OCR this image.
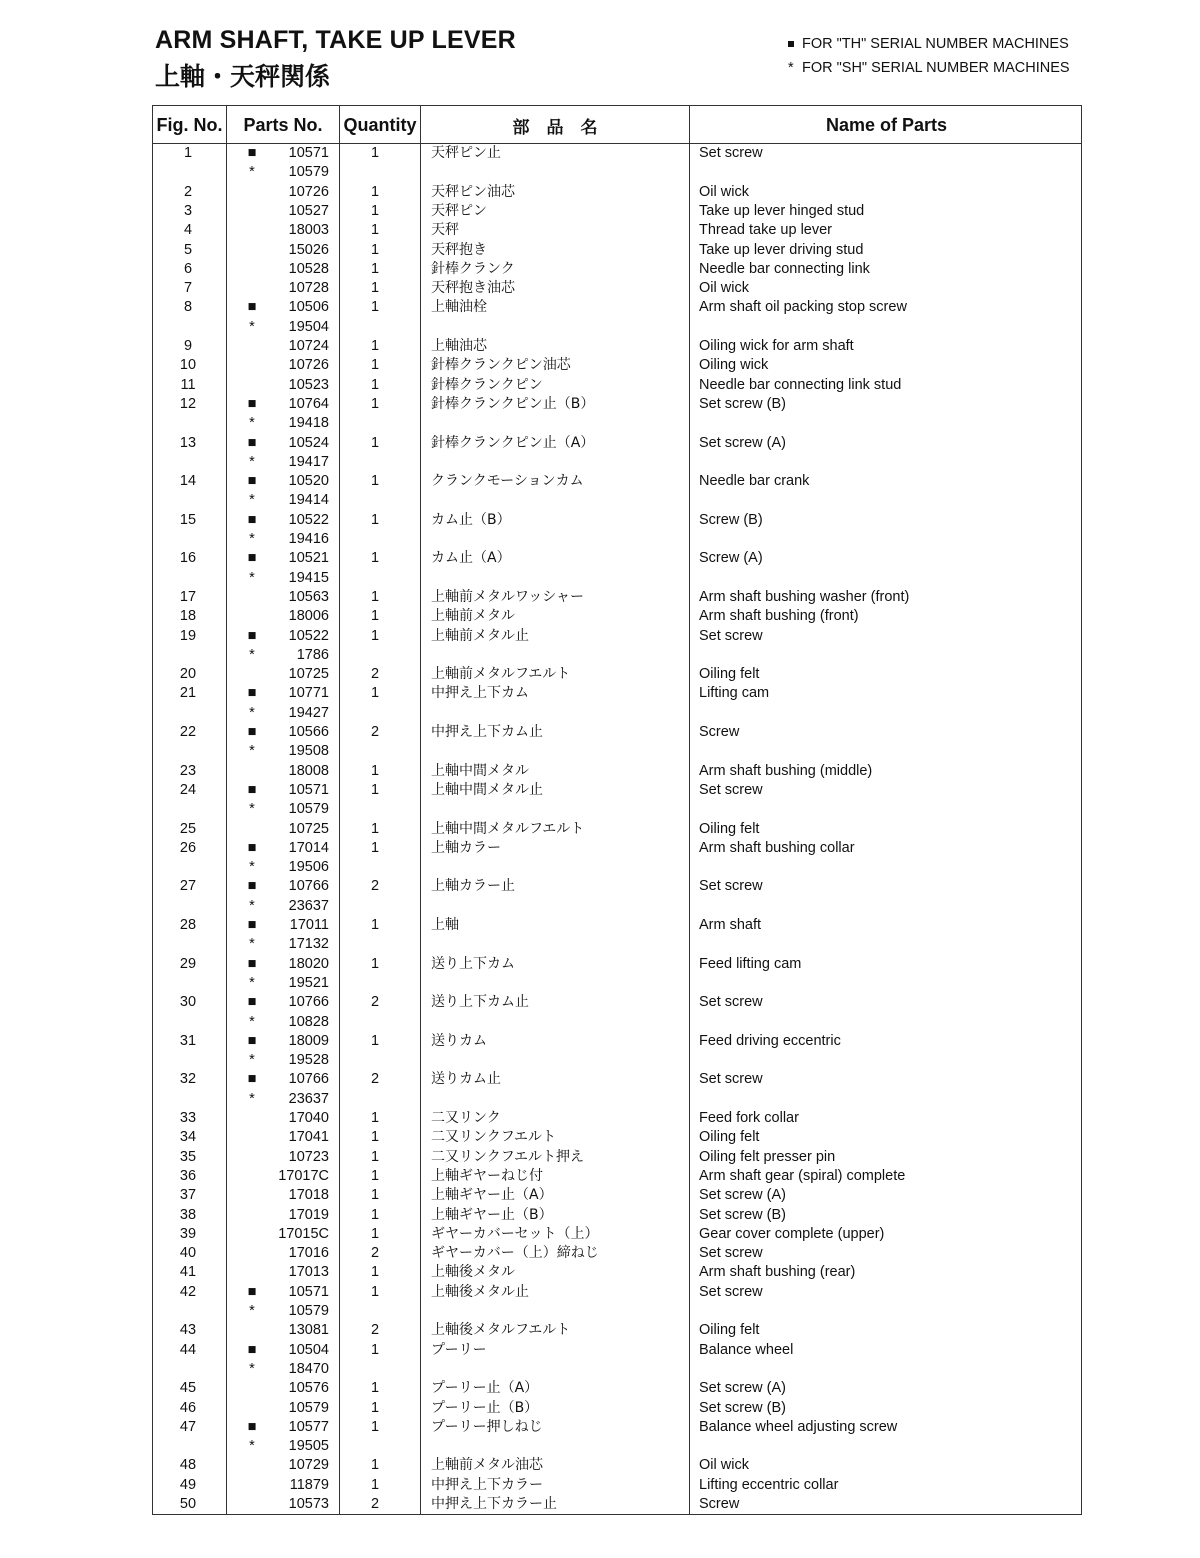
ARM SHAFT, TAKE UP LEVER
上軸・天秤関係
FOR "TH" SERIAL NUMBER MACHINES
* FOR "SH" SERIAL NUMBER MACHINES
Fig. No.	Parts No.	Quantity	部　品　名	Name of Parts
1	■	10571	1	天秤ピン止	Set screw
*	10579
2	10726	1	天秤ピン油芯	Oil wick
3	10527	1	天秤ピン	Take up lever hinged stud
4	18003	1	天秤	Thread take up lever
5	15026	1	天秤抱き	Take up lever driving stud
6	10528	1	針棒クランク	Needle bar connecting link
7	10728	1	天秤抱き油芯	Oil wick
8	■	10506	1	上軸油栓	Arm shaft oil packing stop screw
*	19504
9	10724	1	上軸油芯	Oiling wick for arm shaft
10	10726	1	針棒クランクピン油芯	Oiling wick
11	10523	1	針棒クランクピン	Needle bar connecting link stud
12	■	10764	1	針棒クランクピン止（B）	Set screw (B)
*	19418
13	■	10524	1	針棒クランクピン止（A）	Set screw (A)
*	19417
14	■	10520	1	クランクモーションカム	Needle bar crank
*	19414
15	■	10522	1	カム止（B）	Screw (B)
*	19416
16	■	10521	1	カム止（A）	Screw (A)
*	19415
17	10563	1	上軸前メタルワッシャー	Arm shaft bushing washer (front)
18	18006	1	上軸前メタル	Arm shaft bushing (front)
19	■	10522	1	上軸前メタル止	Set screw
*	1786
20	10725	2	上軸前メタルフエルト	Oiling felt
21	■	10771	1	中押え上下カム	Lifting cam
*	19427
22	■	10566	2	中押え上下カム止	Screw
*	19508
23	18008	1	上軸中間メタル	Arm shaft bushing (middle)
24	■	10571	1	上軸中間メタル止	Set screw
*	10579
25	10725	1	上軸中間メタルフエルト	Oiling felt
26	■	17014	1	上軸カラー	Arm shaft bushing collar
*	19506
27	■	10766	2	上軸カラー止	Set screw
*	23637
28	■	17011	1	上軸	Arm shaft
*	17132
29	■	18020	1	送り上下カム	Feed lifting cam
*	19521
30	■	10766	2	送り上下カム止	Set screw
*	10828
31	■	18009	1	送りカム	Feed driving eccentric
*	19528
32	■	10766	2	送りカム止	Set screw
*	23637
33	17040	1	二又リンク	Feed fork collar
34	17041	1	二又リンクフエルト	Oiling felt
35	10723	1	二又リンクフエルト押え	Oiling felt presser pin
36	17017C	1	上軸ギヤーねじ付	Arm shaft gear (spiral) complete
37	17018	1	上軸ギヤー止（A）	Set screw (A)
38	17019	1	上軸ギヤー止（B）	Set screw (B)
39	17015C	1	ギヤーカバーセット（上）	Gear cover complete (upper)
40	17016	2	ギヤーカバー（上）締ねじ	Set screw
41	17013	1	上軸後メタル	Arm shaft bushing (rear)
42	■	10571	1	上軸後メタル止	Set screw
*	10579
43	13081	2	上軸後メタルフエルト	Oiling felt
44	■	10504	1	プーリー	Balance wheel
*	18470
45	10576	1	プーリー止（A）	Set screw (A)
46	10579	1	プーリー止（B）	Set screw (B)
47	■	10577	1	プーリー押しねじ	Balance wheel adjusting screw
*	19505
48	10729	1	上軸前メタル油芯	Oil wick
49	11879	1	中押え上下カラー	Lifting eccentric collar
50	10573	2	中押え上下カラー止	Screw
